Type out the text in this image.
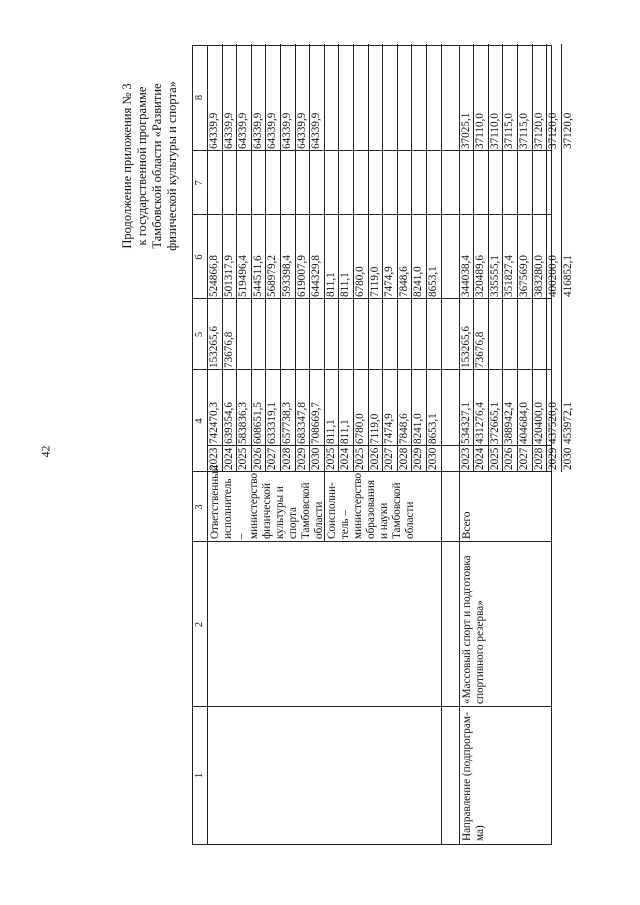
42
Продолжение приложения № 3 к государственной программе Тамбовской области «Развитие физической культуры и спорта»
1
2
3
4
5
6
7
8
Ответственный исполнитель – министерство физической культуры и спорта Тамбовской области
2023
742470,3
153265,6
524866,8
64339,9
2024
639354,6
73676,8
501317,9
64339,9
2025
583836,3
519496,4
64339,9
2026
608651,5
544511,6
64339,9
2027
633319,1
568979,2
64339,9
2028
657738,3
593398,4
64339,9
2029
683347,8
619007,9
64339,9
2030
708669,7
644329,8
64339,9
Соисполни-тель – министерство образования и науки Тамбовской области
2025
811,1
811,1
2024
811,1
811,1
2025
6780,0
6780,0
2026
7119,0
7119,0
2027
7474,9
7474,9
2028
7848,6
7848,6
2029
8241,0
8241,0
2030
8653,1
8653,1
Направление (подпрограм-ма)
«Массовый спорт и подготовка спортивного резерва»
Всего
2023
534327,1
153265,6
344038,4
37025,1
2024
431276,4
73676,8
320489,6
37110,0
2025
372665,1
335555,1
37110,0
2026
388942,4
351827,4
37115,0
2027
404684,0
367569,0
37115,0
2028
420400,0
383280,0
37120,0
2029
437520,0
400200,0
37120,0
2030
453972,1
416852,1
37120,0
